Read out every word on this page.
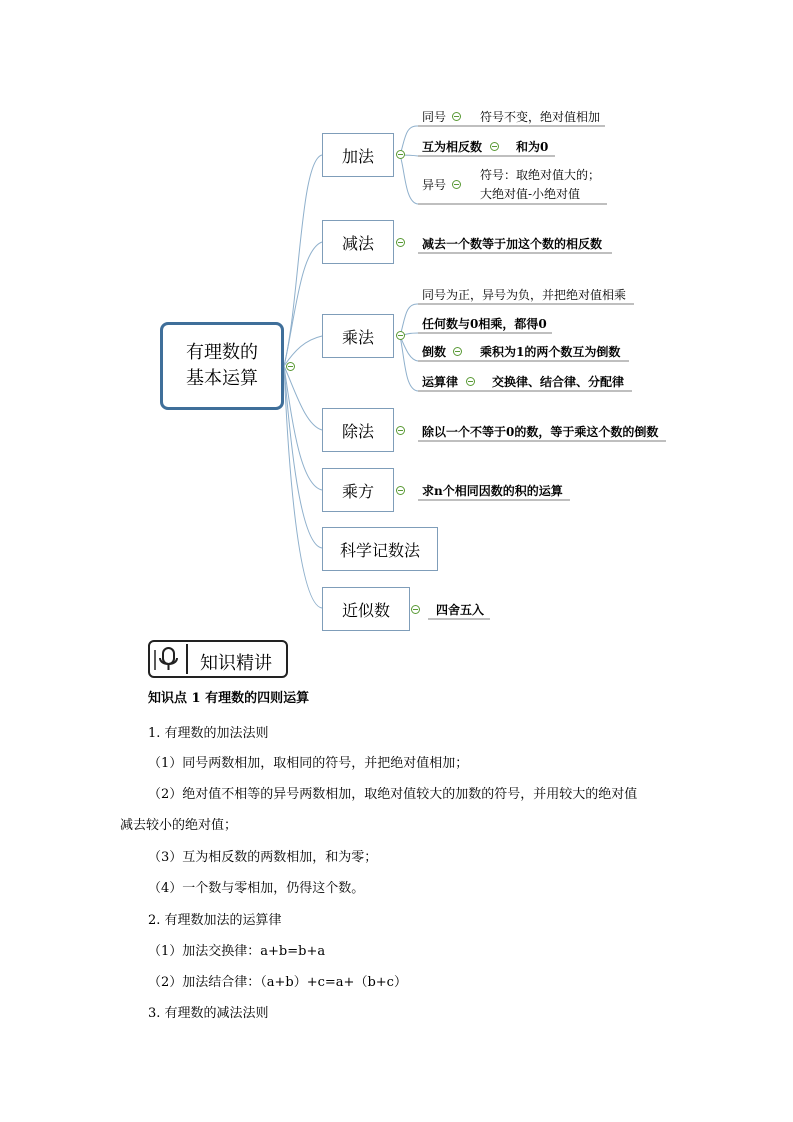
有理数的
基本运算
加法
减法
乘法
除法
乘方
科学记数法
近似数
同号	符号不变，绝对值相加
互为相反数	和为0
异号
符号：取绝对值大的；
大绝对值-小绝对值
减去一个数等于加这个数的相反数
同号为正，异号为负，并把绝对值相乘
任何数与0相乘，都得0
倒数	乘积为1的两个数互为倒数
运算律	交换律、结合律、分配律
除以一个不等于0的数，等于乘这个数的倒数
求n个相同因数的积的运算
四舍五入
知识精讲
知识点 1 有理数的四则运算
1. 有理数的加法法则
（1）同号两数相加，取相同的符号，并把绝对值相加；
（2）绝对值不相等的异号两数相加，取绝对值较大的加数的符号，并用较大的绝对值
减去较小的绝对值；
（3）互为相反数的两数相加，和为零；
（4）一个数与零相加，仍得这个数。
2. 有理数加法的运算律
（1）加法交换律：a+b=b+a
（2）加法结合律：（a+b）+c=a+（b+c）
3. 有理数的减法法则
